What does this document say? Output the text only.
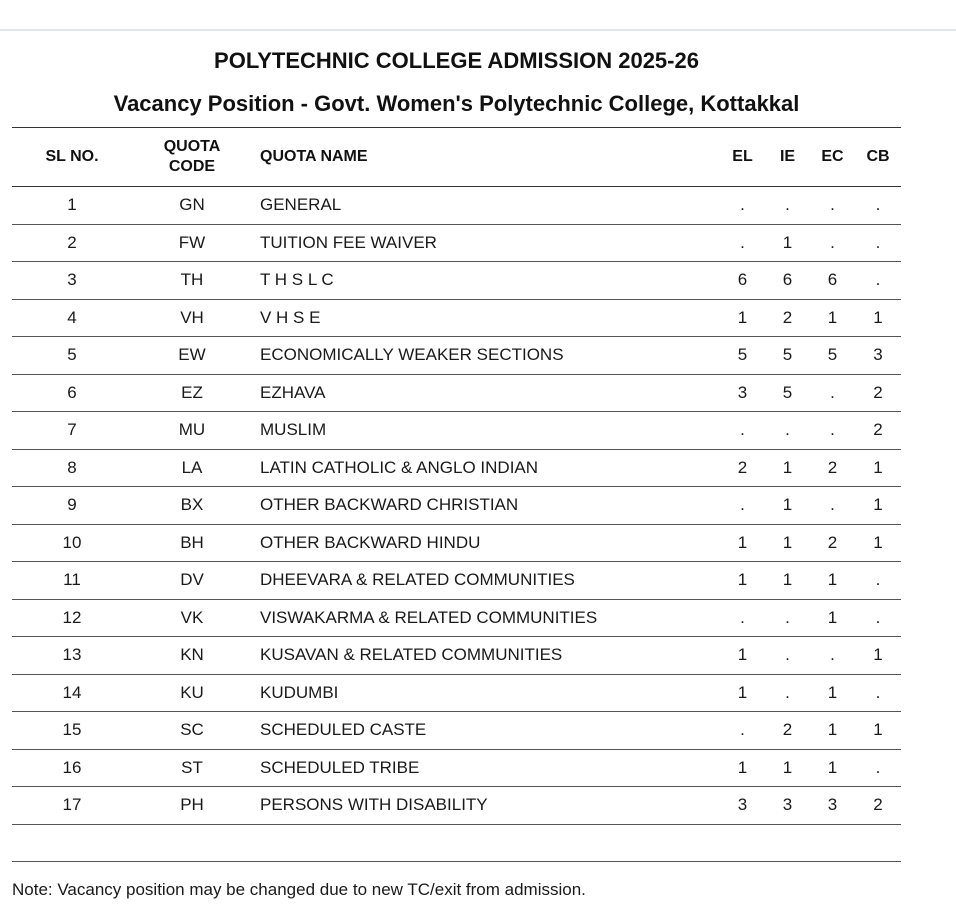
POLYTECHNIC COLLEGE ADMISSION 2025-26
Vacancy Position - Govt. Women's Polytechnic College, Kottakkal
SL NO.	QUOTA CODE	QUOTA NAME	EL	IE	EC	CB
1	GN	GENERAL	.	.	.	.
2	FW	TUITION FEE WAIVER	.	1	.	.
3	TH	T H S L C	6	6	6	.
4	VH	V H S E	1	2	1	1
5	EW	ECONOMICALLY WEAKER SECTIONS	5	5	5	3
6	EZ	EZHAVA	3	5	.	2
7	MU	MUSLIM	.	.	.	2
8	LA	LATIN CATHOLIC & ANGLO INDIAN	2	1	2	1
9	BX	OTHER BACKWARD CHRISTIAN	.	1	.	1
10	BH	OTHER BACKWARD HINDU	1	1	2	1
11	DV	DHEEVARA & RELATED COMMUNITIES	1	1	1	.
12	VK	VISWAKARMA & RELATED COMMUNITIES	.	.	1	.
13	KN	KUSAVAN & RELATED COMMUNITIES	1	.	.	1
14	KU	KUDUMBI	1	.	1	.
15	SC	SCHEDULED CASTE	.	2	1	1
16	ST	SCHEDULED TRIBE	1	1	1	.
17	PH	PERSONS WITH DISABILITY	3	3	3	2

Note: Vacancy position may be changed due to new TC/exit from admission.
